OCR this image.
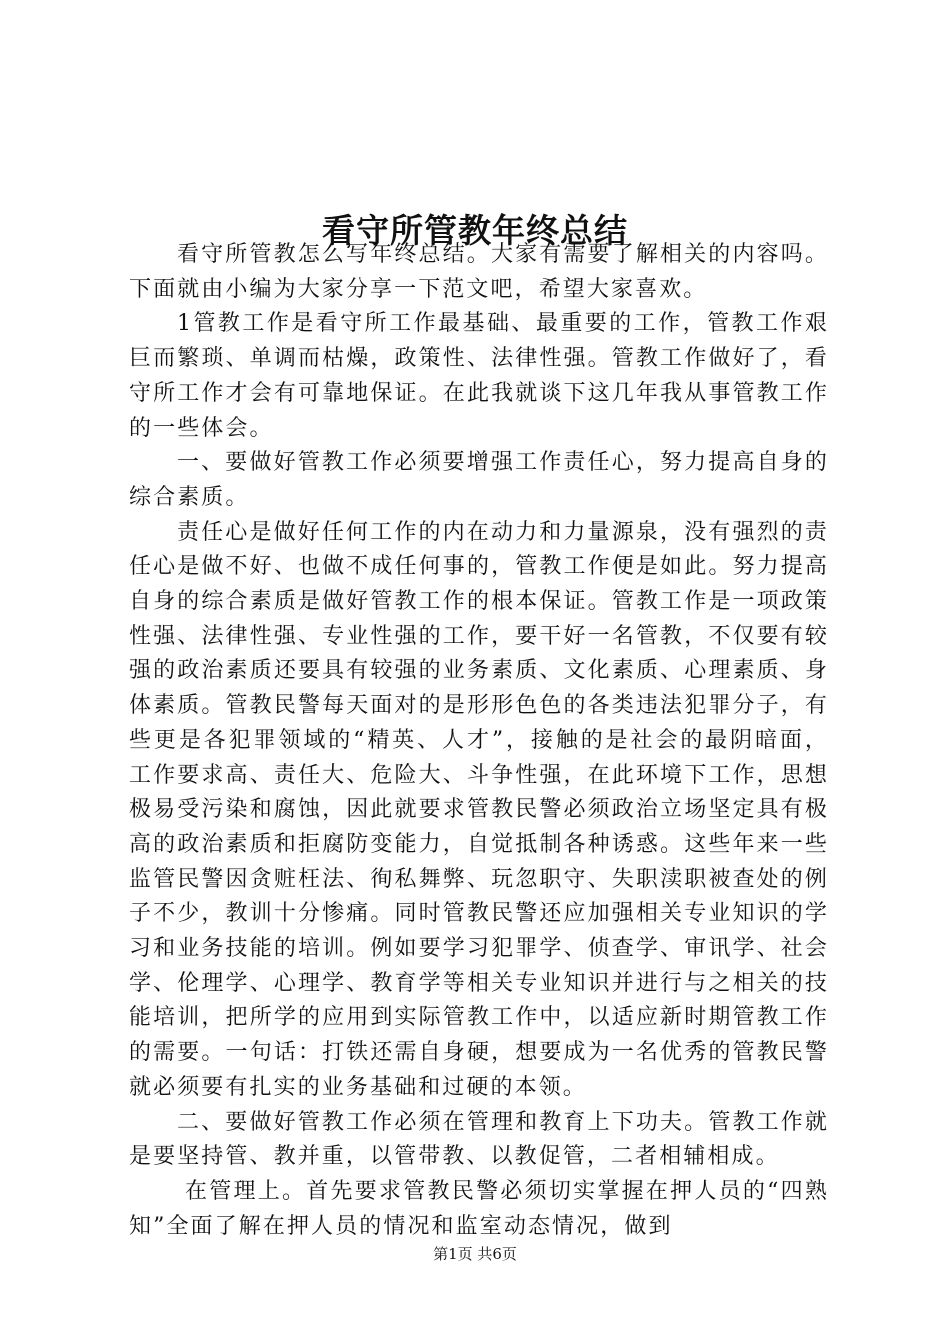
看守所管教年终总结

看守所管教怎么写年终总结。大家有需要了解相关的内容吗。下面就由小编为大家分享一下范文吧，希望大家喜欢。

1管教工作是看守所工作最基础、最重要的工作，管教工作艰巨而繁琐、单调而枯燥，政策性、法律性强。管教工作做好了，看守所工作才会有可靠地保证。在此我就谈下这几年我从事管教工作的一些体会。

一、要做好管教工作必须要增强工作责任心，努力提高自身的综合素质。

责任心是做好任何工作的内在动力和力量源泉，没有强烈的责任心是做不好、也做不成任何事的，管教工作便是如此。努力提高自身的综合素质是做好管教工作的根本保证。管教工作是一项政策性强、法律性强、专业性强的工作，要干好一名管教，不仅要有较强的政治素质还要具有较强的业务素质、文化素质、心理素质、身体素质。管教民警每天面对的是形形色色的各类违法犯罪分子，有些更是各犯罪领域的“精英、人才”，接触的是社会的最阴暗面，工作要求高、责任大、危险大、斗争性强，在此环境下工作，思想极易受污染和腐蚀，因此就要求管教民警必须政治立场坚定具有极高的政治素质和拒腐防变能力，自觉抵制各种诱惑。这些年来一些监管民警因贪赃枉法、徇私舞弊、玩忽职守、失职渎职被查处的例子不少，教训十分惨痛。同时管教民警还应加强相关专业知识的学习和业务技能的培训。例如要学习犯罪学、侦查学、审讯学、社会学、伦理学、心理学、教育学等相关专业知识并进行与之相关的技能培训，把所学的应用到实际管教工作中，以适应新时期管教工作的需要。一句话：打铁还需自身硬，想要成为一名优秀的管教民警就必须要有扎实的业务基础和过硬的本领。

二、要做好管教工作必须在管理和教育上下功夫。管教工作就是要坚持管、教并重，以管带教、以教促管，二者相辅相成。

在管理上。首先要求管教民警必须切实掌握在押人员的“四熟知”全面了解在押人员的情况和监室动态情况，做到

第1页 共6页
